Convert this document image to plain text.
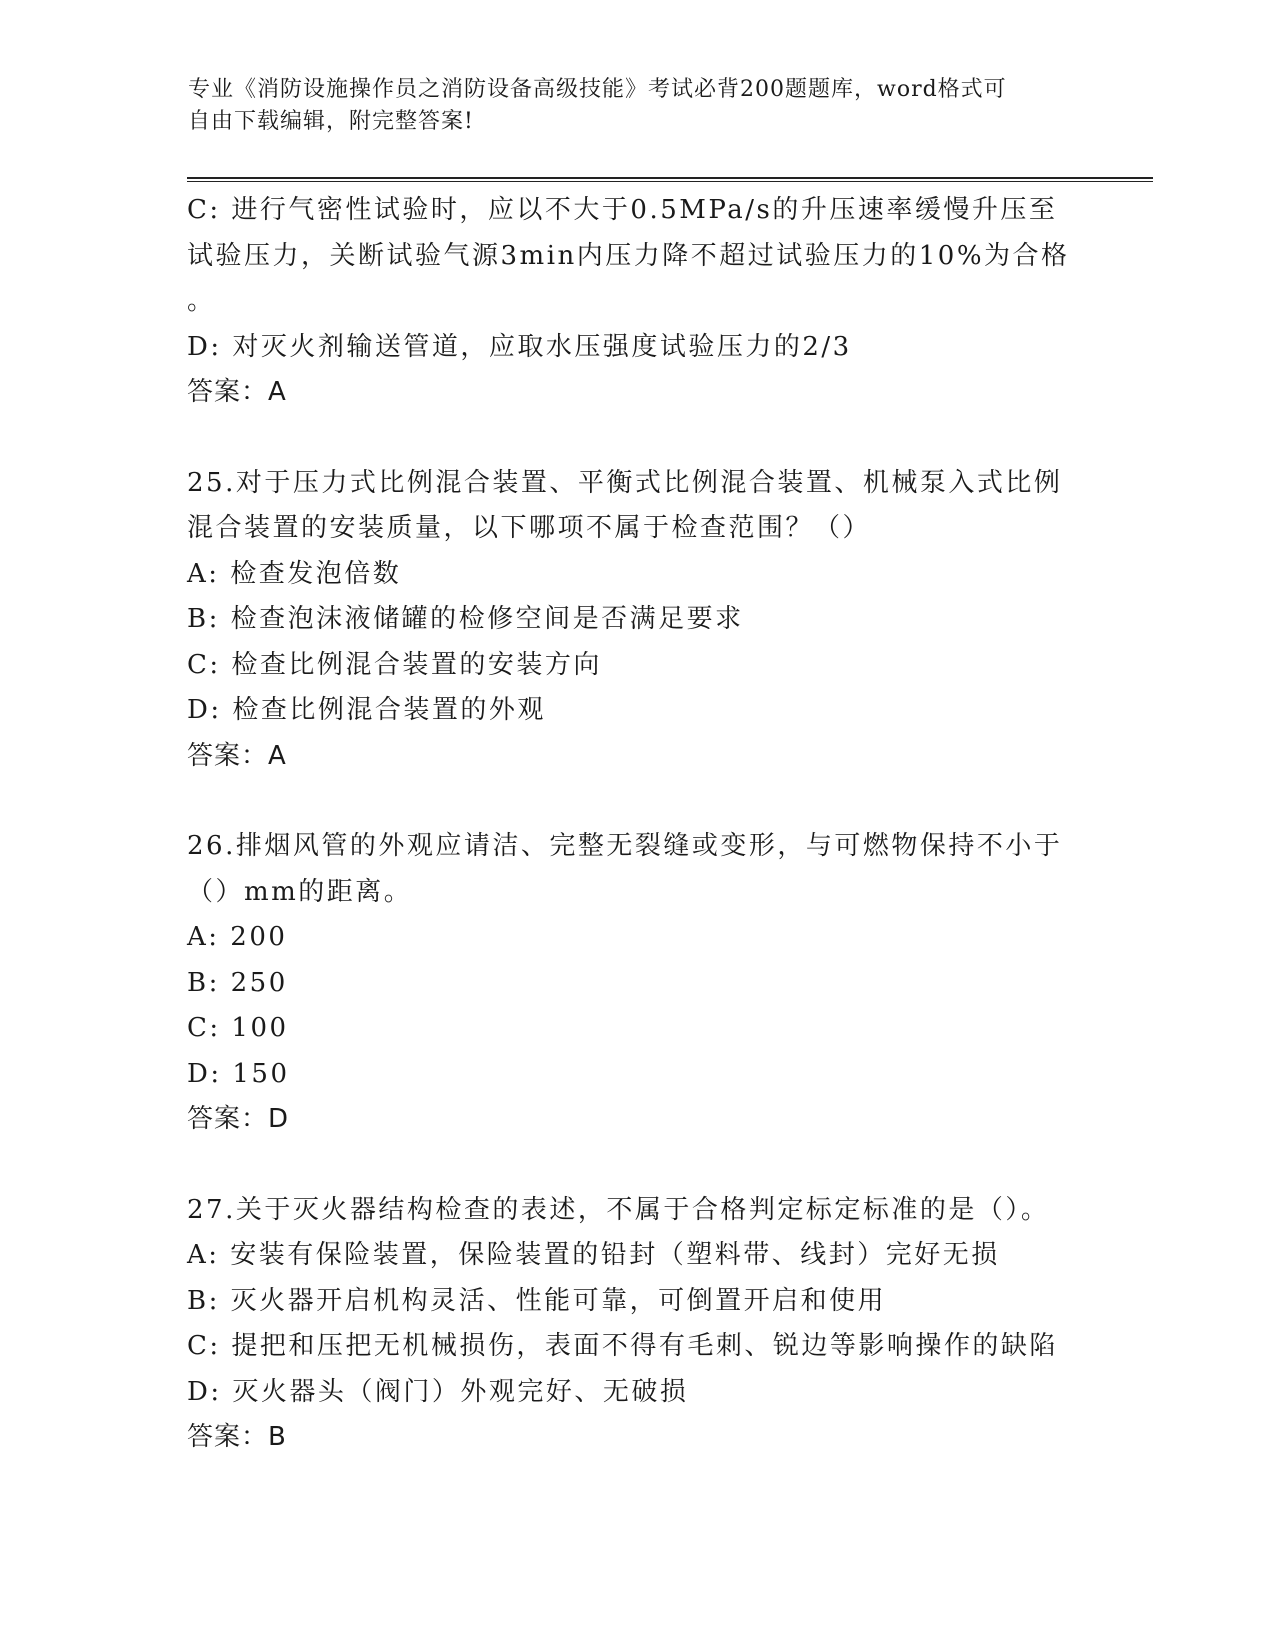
专业《消防设施操作员之消防设备高级技能》考试必背200题题库，word格式可
自由下载编辑，附完整答案!
C: 进行气密性试验时，应以不大于0.5MPa/s的升压速率缓慢升压至
试验压力，关断试验气源3min内压力降不超过试验压力的10%为合格
。
D: 对灭火剂输送管道，应取水压强度试验压力的2/3
答案：A
25.对于压力式比例混合装置、平衡式比例混合装置、机械泵入式比例
混合装置的安装质量，以下哪项不属于检查范围？（）
A: 检查发泡倍数
B: 检查泡沫液储罐的检修空间是否满足要求
C: 检查比例混合装置的安装方向
D: 检查比例混合装置的外观
答案：A
26.排烟风管的外观应请洁、完整无裂缝或变形，与可燃物保持不小于
（）mm的距离。
A: 200
B: 250
C: 100
D: 150
答案：D
27.关于灭火器结构检查的表述，不属于合格判定标定标准的是（）。
A: 安装有保险装置，保险装置的铅封（塑料带、线封）完好无损
B: 灭火器开启机构灵活、性能可靠，可倒置开启和使用
C: 提把和压把无机械损伤，表面不得有毛刺、锐边等影响操作的缺陷
D: 灭火器头（阀门）外观完好、无破损
答案：B
